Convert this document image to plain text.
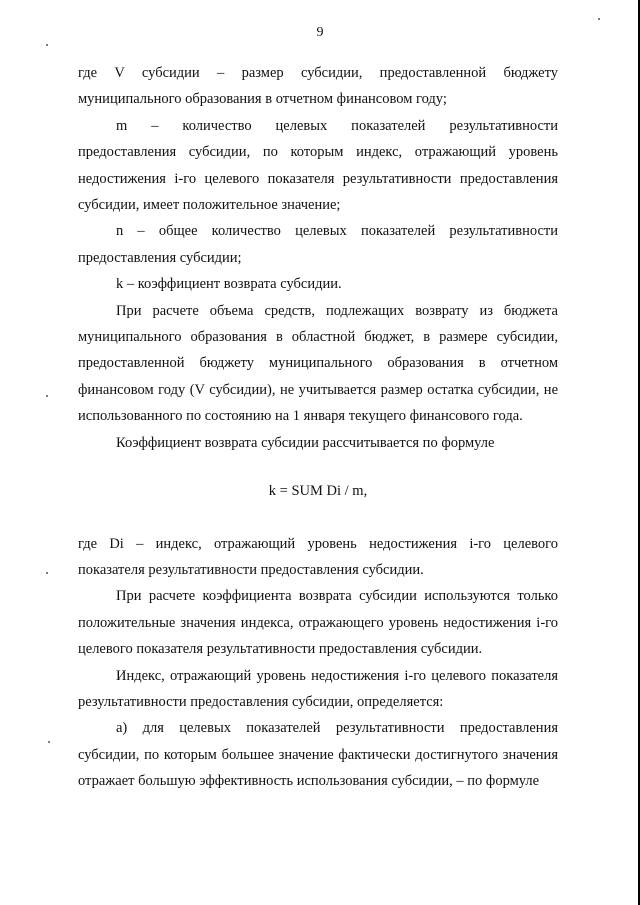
9

где V субсидии – размер субсидии, предоставленной бюджету муниципального образования в отчетном финансовом году;

m – количество целевых показателей результативности предоставления субсидии, по которым индекс, отражающий уровень недостижения i-го целевого показателя результативности предоставления субсидии, имеет положительное значение;

n – общее количество целевых показателей результативности предоставления субсидии;

k – коэффициент возврата субсидии.

При расчете объема средств, подлежащих возврату из бюджета муниципального образования в областной бюджет, в размере субсидии, предоставленной бюджету муниципального образования в отчетном финансовом году (V субсидии), не учитывается размер остатка субсидии, не использованного по состоянию на 1 января текущего финансового года.

Коэффициент возврата субсидии рассчитывается по формуле

k = SUM Di / m,

где Di – индекс, отражающий уровень недостижения i-го целевого показателя результативности предоставления субсидии.

При расчете коэффициента возврата субсидии используются только положительные значения индекса, отражающего уровень недостижения i-го целевого показателя результативности предоставления субсидии.

Индекс, отражающий уровень недостижения i-го целевого показателя результативности предоставления субсидии, определяется:

а) для целевых показателей результативности предоставления субсидии, по которым большее значение фактически достигнутого значения отражает большую эффективность использования субсидии, – по формуле
